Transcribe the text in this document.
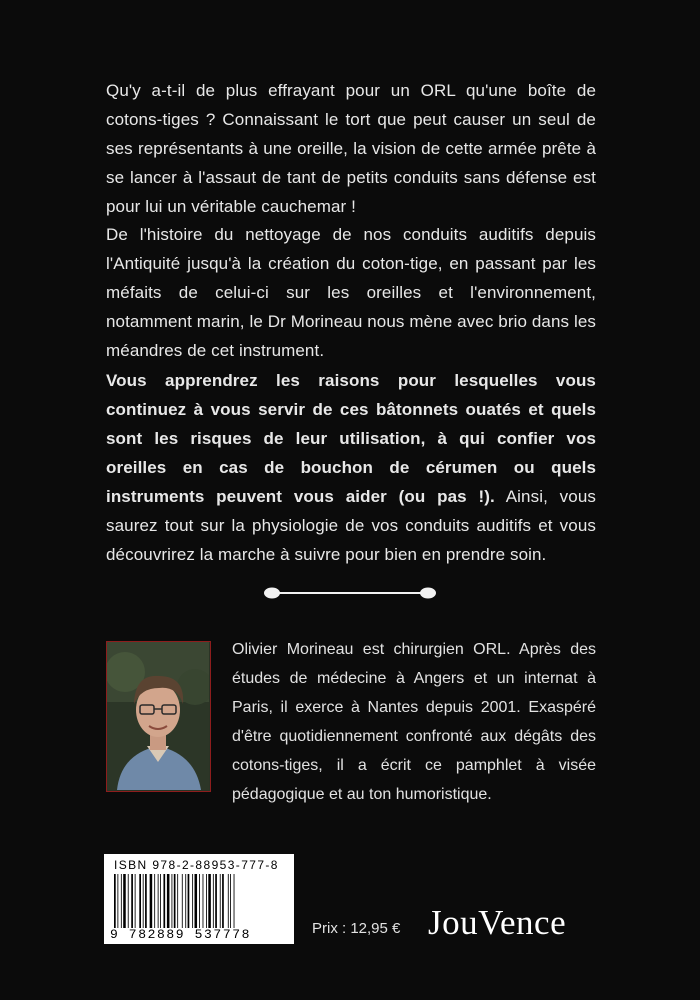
Qu'y a-t-il de plus effrayant pour un ORL qu'une boîte de cotons-tiges ? Connaissant le tort que peut causer un seul de ses représentants à une oreille, la vision de cette armée prête à se lancer à l'assaut de tant de petits conduits sans défense est pour lui un véritable cauchemar !

De l'histoire du nettoyage de nos conduits auditifs depuis l'Antiquité jusqu'à la création du coton-tige, en passant par les méfaits de celui-ci sur les oreilles et l'environnement, notamment marin, le Dr Morineau nous mène avec brio dans les méandres de cet instrument.

Vous apprendrez les raisons pour lesquelles vous continuez à vous servir de ces bâtonnets ouatés et quels sont les risques de leur utilisation, à qui confier vos oreilles en cas de bouchon de cérumen ou quels instruments peuvent vous aider (ou pas !). Ainsi, vous saurez tout sur la physiologie de vos conduits auditifs et vous découvrirez la marche à suivre pour bien en prendre soin.

Olivier Morineau est chirurgien ORL. Après des études de médecine à Angers et un internat à Paris, il exerce à Nantes depuis 2001. Exaspéré d'être quotidiennement confronté aux dégâts des cotons-tiges, il a écrit ce pamphlet à visée pédagogique et au ton humoristique.

ISBN 978-2-88953-777-8
9 782889 537778	Prix : 12,95 € JouVence
